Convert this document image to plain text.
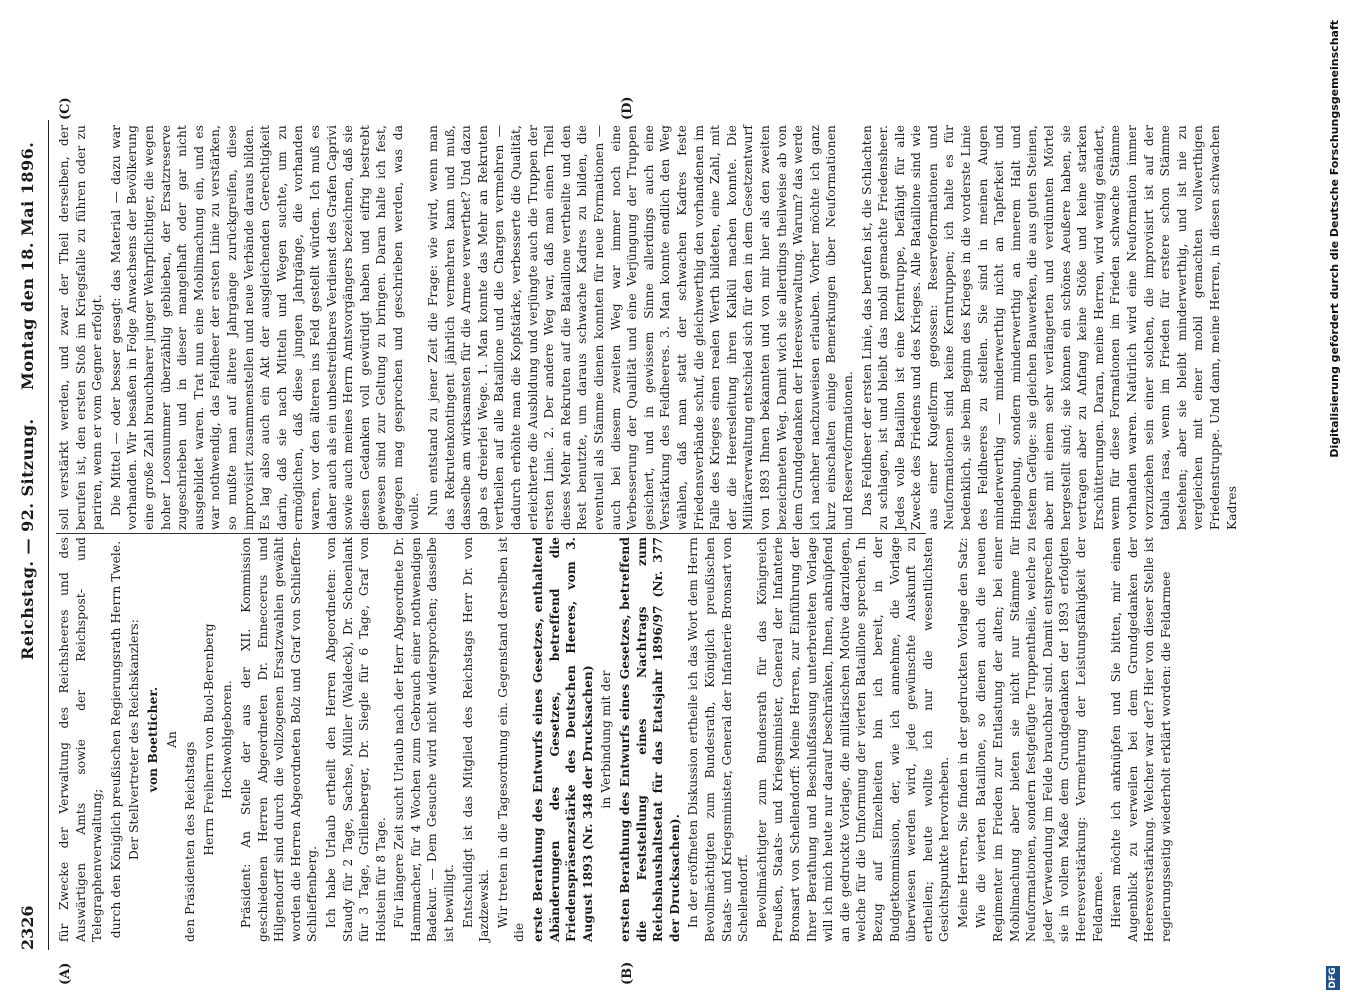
2326
Reichstag. — 92. Sitzung.
Montag den 18. Mai 1896.
(A)	(B)
(C)	(D)

für Zwecke der Verwaltung des Reichsheeres und des Auswärtigen Amts sowie der Reichspost- und Telegraphenverwaltung; durch den Königlich preußischen Regierungsrath Herrn Twele. Der Stellvertreter des Reichskanzlers: von Boetticher. An

den Präsidenten des Reichstags Herrn Freiherrn von Buol-Berenberg Hochwohlgeboren. Präsident: An Stelle der aus der XII. Kommission geschiedenen Herren Abgeordneten Dr. Enneccerus und Hilgendorff sind durch die vollzogenen Ersatzwahlen gewählt worden die Herren Abgeordneten Bolz und Graf von Schlieffen-Schlieffenberg. Ich habe Urlaub ertheilt den Herren Abgeordneten: von Staudy für 2 Tage, Sachse, Müller (Waldeck), Dr. Schoenlank für 3 Tage, Grillenberger, Dr. Siegle für 6 Tage, Graf von Holstein für 8 Tage. Für längere Zeit sucht Urlaub nach der Herr Abgeordnete Dr. Hammacher, für 4 Wochen zum Gebrauch einer nothwendigen Badekur. — Dem Gesuche wird nicht widersprochen; dasselbe ist bewilligt. Entschuldigt ist das Mitglied des Reichstags Herr Dr. von Jazdzewski. Wir treten in die Tagesordnung ein. Gegenstand derselben ist die erste Berathung des Entwurfs eines Gesetzes, enthaltend Abänderungen des Gesetzes, betreffend die Friedenspräsenzstärke des Deutschen Heeres, vom 3. August 1893 (Nr. 348 der Drucksachen) in Verbindung mit der ersten Berathung des Entwurfs eines Gesetzes, betreffend die Feststellung eines Nachtrags zum Reichshaushaltsetat für das Etatsjahr 1896/97 (Nr. 377 der Drucksachen). In der eröffneten Diskussion ertheile ich das Wort dem Herrn Bevollmächtigten zum Bundesrath, Königlich preußischen Staats- und Kriegsminister, General der Infanterie Bronsart von Schellendorff. Bevollmächtigter zum Bundesrath für das Königreich Preußen, Staats- und Kriegsminister, General der Infanterie Bronsart von Schellendorff: Meine Herren, zur Einführung der Ihrer Berathung und Beschlußfassung unterbreiteten Vorlage will ich mich heute nur darauf beschränken, Ihnen, anknüpfend an die gedruckte Vorlage, die militärischen Motive darzulegen, welche für die Umformung der vierten Bataillone sprechen. In Bezug auf Einzelheiten bin ich bereit, in der Budgetkommission, der, wie ich annehme, die Vorlage überwiesen werden wird, jede gewünschte Auskunft zu ertheilen; heute wollte ich nur die wesentlichsten Gesichtspunkte hervorheben. Meine Herren, Sie finden in der gedruckten Vorlage den Satz: Wie die vierten Bataillone, so dienen auch die neuen Regimenter im Frieden zur Entlastung der alten; bei einer Mobilmachung aber bieten sie nicht nur Stämme für Neuformationen, sondern festgefügte Truppentheile, welche zu jeder Verwendung im Felde brauchbar sind. Damit entsprechen sie in vollem Maße dem Grundgedanken der 1893 erfolgten Heeresverstärkung: Vermehrung der Leistungsfähigkeit der Feldarmee. Hieran möchte ich anknüpfen und Sie bitten, mir einen Augenblick zu verweilen bei dem Grundgedanken der Heeresverstärkung. Welcher war der? Hier von dieser Stelle ist regierungsseitig wiederholt erklärt worden: die Feldarmee

soll verstärkt werden, und zwar der Theil derselben, der berufen ist, den ersten Stoß im Kriegsfalle zu führen oder zu pariren, wenn er vom Gegner erfolgt. Die Mittel — oder besser gesagt: das Material — dazu war vorhanden. Wir besaßen in Folge Anwachsens der Bevölkerung eine große Zahl brauchbarer junger Wehrpflichtiger, die wegen hoher Loosnummer überzählig geblieben, der Ersatzreserve zugeschrieben und in dieser mangelhaft oder gar nicht ausgebildet waren. Trat nun eine Mobilmachung ein, und es war nothwendig, das Feldheer der ersten Linie zu verstärken, so mußte man auf ältere Jahrgänge zurückgreifen, diese improvisirt zusammenstellen und neue Verbände daraus bilden. Es lag also auch ein Akt der ausgleichenden Gerechtigkeit darin, daß sie nach Mitteln und Wegen suchte, um zu ermöglichen, daß diese jungen Jahrgänge, die vorhanden waren, vor den älteren ins Feld gestellt würden. Ich muß es daher auch als ein unbestreitbares Verdienst des Grafen Caprivi sowie auch meines Herrn Amtsvorgängers bezeichnen, daß sie diesen Gedanken voll gewürdigt haben und eifrig bestrebt gewesen sind zur Geltung zu bringen. Daran halte ich fest, dagegen mag gesprochen und geschrieben werden, was da wolle. Nun entstand zu jener Zeit die Frage: wie wird, wenn man das Rekrutenkontingent jährlich vermehren kann und muß, dasselbe am wirksamsten für die Armee verwerthet? Und dazu gab es dreierlei Wege. 1. Man konnte das Mehr an Rekruten vertheilen auf alle Bataillone und die Chargen vermehren — dadurch erhöhte man die Kopfstärke, verbesserte die Qualität, erleichterte die Ausbildung und verjüngte auch die Truppen der ersten Linie. 2. Der andere Weg war, daß man einen Theil dieses Mehr an Rekruten auf die Bataillone vertheilte und den Rest benutzte, um daraus schwache Kadres zu bilden, die eventuell als Stämme dienen konnten für neue Formationen — auch bei diesem zweiten Weg war immer noch eine Verbesserung der Qualität und eine Verjüngung der Truppen gesichert, und in gewissem Sinne allerdings auch eine Verstärkung des Feldheeres. 3. Man konnte endlich den Weg wählen, daß man statt der schwachen Kadres feste Friedensverbände schuf, die gleichwerthig den vorhandenen im Falle des Krieges einen realen Werth bildeten, eine Zahl, mit der die Heeresleitung ihren Kalkül machen konnte. Die Militärverwaltung entschied sich für den in dem Gesetzentwurf von 1893 Ihnen bekannten und von mir hier als den zweiten bezeichneten Weg. Damit wich sie allerdings theilweise ab von dem Grundgedanken der Heeresverwaltung. Warum? das werde ich nachher nachzuweisen erlauben. Vorher möchte ich ganz kurz einschalten einige Bemerkungen über Neuformationen und Reserveformationen. Das Feldheer der ersten Linie, das berufen ist, die Schlachten zu schlagen, ist und bleibt das mobil gemachte Friedensheer. Jedes volle Bataillon ist eine Kerntruppe, befähigt für alle Zwecke des Friedens und des Krieges. Alle Bataillone sind wie aus einer Kugelform gegossen: Reserveformationen und Neuformationen sind keine Kerntruppen; ich halte es für bedenklich, sie beim Beginn des Krieges in die vorderste Linie des Feldheeres zu stellen. Sie sind in meinen Augen minderwerthig — minderwerthig nicht an Tapferkeit und Hingebung, sondern minderwerthig an innerem Halt und festem Gefüge: sie gleichen Bauwerken, die aus guten Steinen, aber mit einem sehr verlängerten und verdünnten Mörtel hergestellt sind; sie können ein schönes Aeußere haben, sie vertragen aber zu Anfang keine Stöße und keine starken Erschütterungen. Daran, meine Herren, wird wenig geändert, wenn für diese Formationen im Frieden schwache Stämme vorhanden waren. Natürlich wird eine Neuformation immer vorzuziehen sein einer solchen, die improvisirt ist auf der tabula rasa, wenn im Frieden für erstere schon Stämme bestehen; aber sie bleibt minderwerthig, und ist nie zu vergleichen mit einer mobil gemachten vollwerthigen Friedenstruppe. Und dann, meine Herren, in diesen schwachen Kadres

DFG
Digitalisierung gefördert durch die Deutsche Forschungsgemeinschaft
